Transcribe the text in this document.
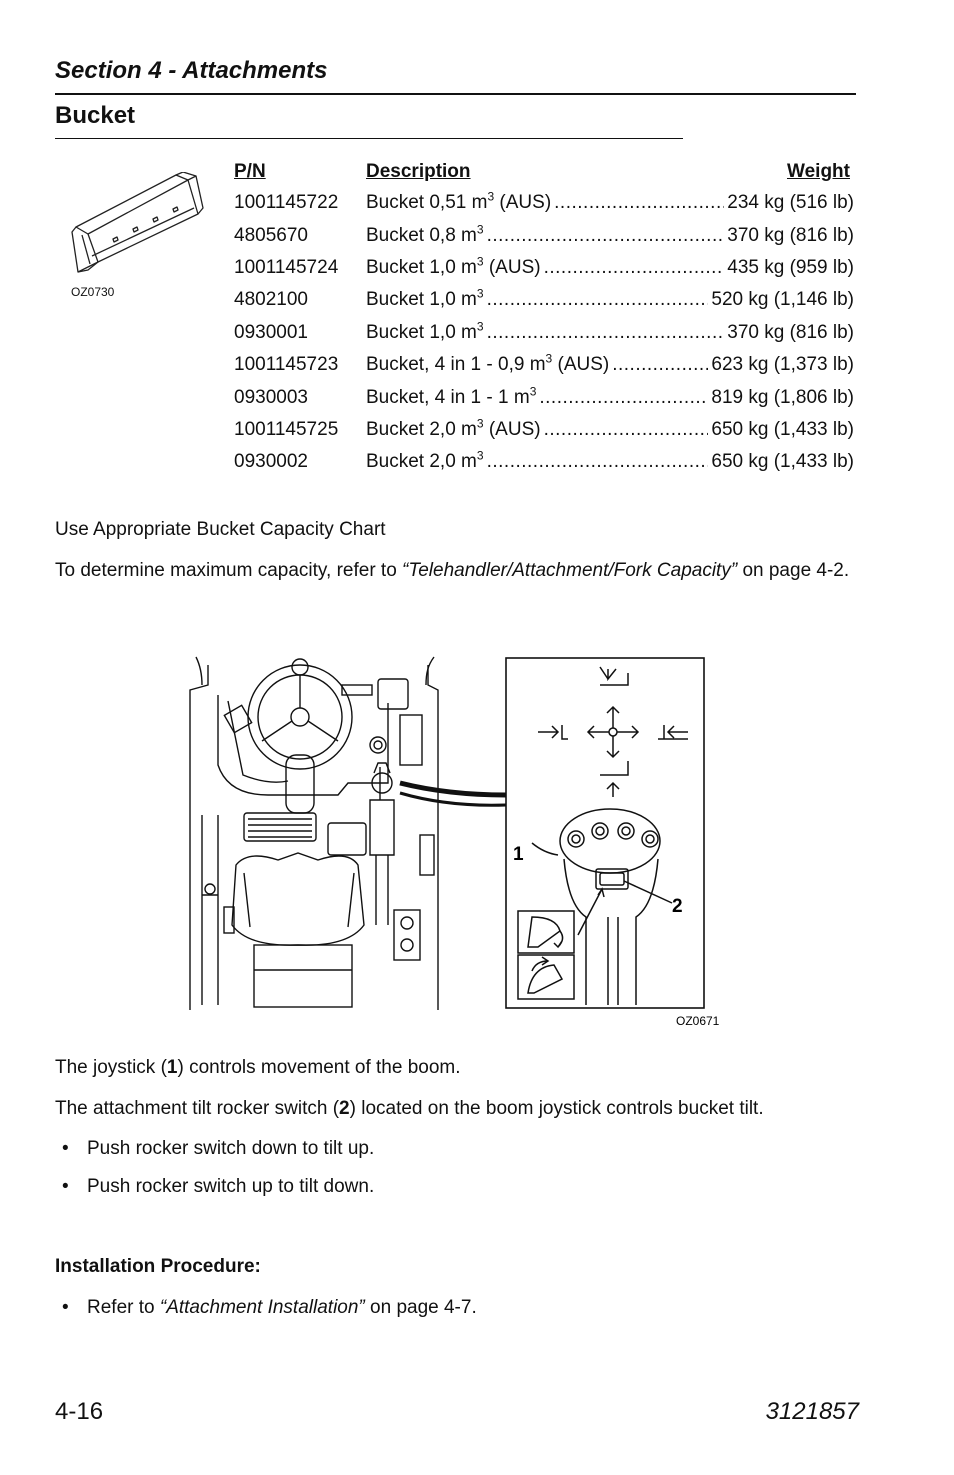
Section 4 - Attachments
Bucket
OZ0730
P/N	Description Weight

1001145722	Bucket 0,51 $m^3$ (AUS) ..... 234 kg (516 lb)

4805670	Bucket 0,8 $m^3$ ..... 370 kg (816 lb)

1001145724	Bucket 1,0 $m^3$ (AUS) ..... 435 kg (959 lb)

4802100	Bucket 1,0 $m^3$ ..... 520 kg (1,146 lb)

0930001	Bucket 1,0 $m^3$ ..... 370 kg (816 lb)

1001145723	Bucket, 4 in 1 - 0,9 $m^3$ (AUS) ..... 623 kg (1,373 lb)

0930003	Bucket, 4 in 1 - 1 $m^3$ ..... 819 kg (1,806 lb)

1001145725	Bucket 2,0 $m^3$ (AUS) ..... 650 kg (1,433 lb)

0930002	Bucket 2,0 $m^3$ ..... 650 kg (1,433 lb)
Use Appropriate Bucket Capacity Chart
To determine maximum capacity, refer to “Telehandler/Attachment/Fork Capacity” on page 4-2.
1
2
OZ0671
The joystick (1) controls movement of the boom.
The attachment tilt rocker switch (2) located on the boom joystick controls bucket tilt.
• Push rocker switch down to tilt up.
• Push rocker switch up to tilt down.
Installation Procedure:
• Refer to “Attachment Installation” on page 4-7.
4-16	3121857
